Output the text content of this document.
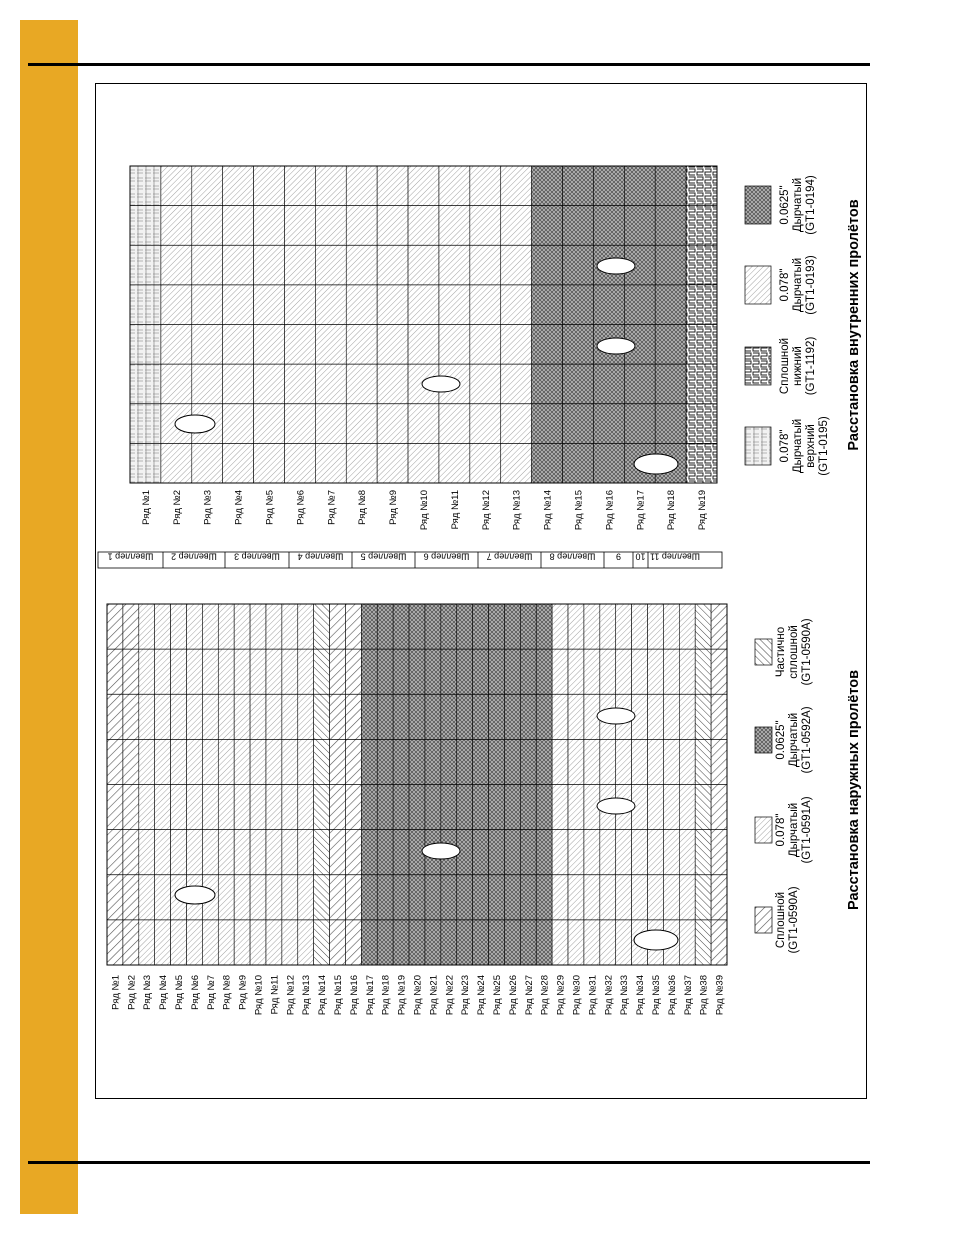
Ряд №1 Ряд №2 Ряд №3 Ряд №4 Ряд №5 Ряд №6 Ряд №7 Ряд №8 Ряд №9 Ряд №10 Ряд №11 Ряд №12 Ряд №13 Ряд №14 Ряд №15 Ряд №16 Ряд №17 Ряд №18 Ряд №19 Ряд №20 Ряд №21 Ряд №22 Ряд №23 Ряд №24 Ряд №25 Ряд №26 Ряд №27 Ряд №28 Ряд №29 Ряд №30 Ряд №31 Ряд №32 Ряд №33 Ряд №34 Ряд №35 Ряд №36 Ряд №37 Ряд №38 Ряд №39
Швеллер 1 Швеллер 2 Швеллер 3 Швеллер 4 Швеллер 5 Швеллер 6 Швеллер 7 Швеллер 8 9 10 Швеллер 11
Ряд №1 Ряд №2 Ряд №3 Ряд №4 Ряд №5 Ряд №6 Ряд №7 Ряд №8 Ряд №9 Ряд №10 Ряд №11 Ряд №12 Ряд №13 Ряд №14 Ряд №15 Ряд №16 Ряд №17 Ряд №18 Ряд №19
Сплошной (GT1-0590A)
0.078" Дырчатый (GT1-0591A)
0.0625" Дырчатый (GT1-0592A)
Частично сплошной (GT1-0590A)
0.078" Дырчатый верхний (GT1-0195)
Сплошной нижний (GT1-1192)
0.078" Дырчатый (GT1-0193)
0.0625" Дырчатый (GT1-0194)
Расстановка наружных пролётов
Расстановка внутренних пролётов
